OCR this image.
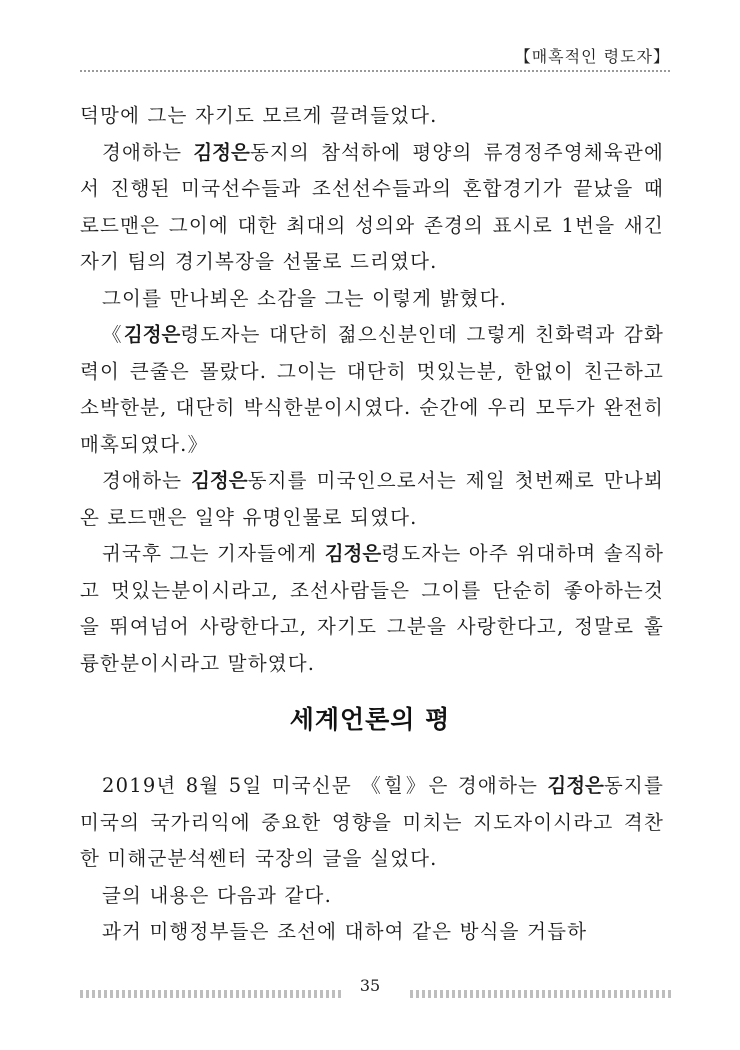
【매혹적인 령도자】

덕망에 그는 자기도 모르게 끌려들었다.

경애하는 김정은동지의 참석하에 평양의 류경정주영체육관에서 진행된 미국선수들과 조선선수들과의 혼합경기가 끝났을 때 로드맨은 그이에 대한 최대의 성의와 존경의 표시로 1번을 새긴 자기 팀의 경기복장을 선물로 드리였다.

그이를 만나뵈온 소감을 그는 이렇게 밝혔다.

《김정은령도자는 대단히 젊으신분인데 그렇게 친화력과 감화력이 큰줄은 몰랐다. 그이는 대단히 멋있는분, 한없이 친근하고 소박한분, 대단히 박식한분이시였다. 순간에 우리 모두가 완전히 매혹되였다.》

경애하는 김정은동지를 미국인으로서는 제일 첫번째로 만나뵈온 로드맨은 일약 유명인물로 되였다.

귀국후 그는 기자들에게 김정은령도자는 아주 위대하며 솔직하고 멋있는분이시라고, 조선사람들은 그이를 단순히 좋아하는것을 뛰여넘어 사랑한다고, 자기도 그분을 사랑한다고, 정말로 훌륭한분이시라고 말하였다.

세계언론의 평

2019년 8월 5일 미국신문 《힐》은 경애하는 김정은동지를 미국의 국가리익에 중요한 영향을 미치는 지도자이시라고 격찬한 미해군분석쎈터 국장의 글을 실었다.

글의 내용은 다음과 같다.

과거 미행정부들은 조선에 대하여 같은 방식을 거듭하

35
